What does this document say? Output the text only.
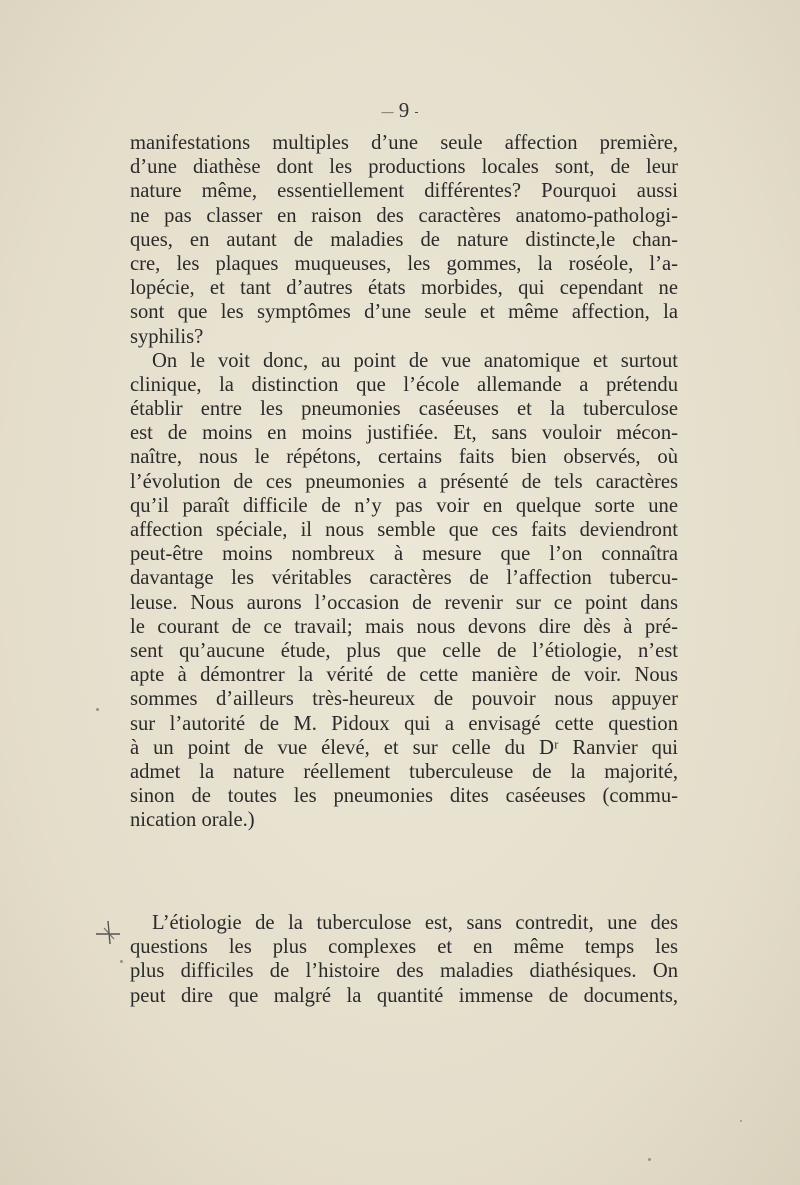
— 9 -
manifestations multiples d’une seule affection première,
d’une diathèse dont les productions locales sont, de leur
nature même, essentiellement différentes? Pourquoi aussi
ne pas classer en raison des caractères anatomo-pathologi-
ques, en autant de maladies de nature distincte,le chan-
cre, les plaques muqueuses, les gommes, la roséole, l’a-
lopécie, et tant d’autres états morbides, qui cependant ne
sont que les symptômes d’une seule et même affection, la
syphilis?
On le voit donc, au point de vue anatomique et surtout
clinique, la distinction que l’école allemande a prétendu
établir entre les pneumonies caséeuses et la tuberculose
est de moins en moins justifiée. Et, sans vouloir mécon-
naître, nous le répétons, certains faits bien observés, où
l’évolution de ces pneumonies a présenté de tels caractères
qu’il paraît difficile de n’y pas voir en quelque sorte une
affection spéciale, il nous semble que ces faits deviendront
peut-être moins nombreux à mesure que l’on connaîtra
davantage les véritables caractères de l’affection tubercu-
leuse. Nous aurons l’occasion de revenir sur ce point dans
le courant de ce travail; mais nous devons dire dès à pré-
sent qu’aucune étude, plus que celle de l’étiologie, n’est
apte à démontrer la vérité de cette manière de voir. Nous
sommes d’ailleurs très-heureux de pouvoir nous appuyer
sur l’autorité de M. Pidoux qui a envisagé cette question
à un point de vue élevé, et sur celle du Dʳ Ranvier qui
admet la nature réellement tuberculeuse de la majorité,
sinon de toutes les pneumonies dites caséeuses (commu-
nication orale.)
L’étiologie de la tuberculose est, sans contredit, une des
questions les plus complexes et en même temps les
plus difficiles de l’histoire des maladies diathésiques. On
peut dire que malgré la quantité immense de documents,
